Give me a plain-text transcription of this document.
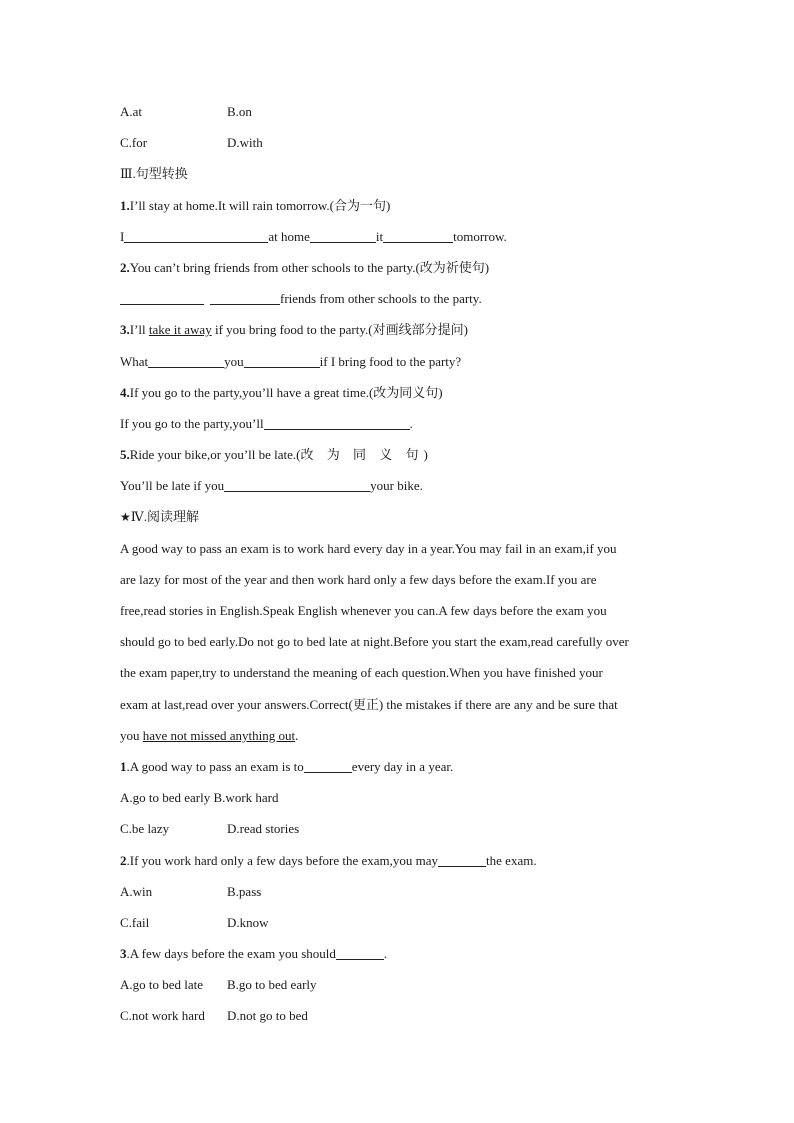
A.at	B.on
C.for	D.with
Ⅲ.句型转换
1.I’ll stay at home.It will rain tomorrow.(合为一句)
I	at home	it	tomorrow.
2.You can’t bring friends from other schools to the party.(改为祈使句)
friends from other schools to the party.
3.I’ll take it away if you bring food to the party.(对画线部分提问)
What	you	if I bring food to the party?
4.If you go to the party,you’ll have a great time.(改为同义句)
If you go to the party,you’ll	.
5.Ride your bike,or you’ll be late.(改 为 同 义 句)
You’ll be late if you	your bike.
★Ⅳ.阅读理解
A good way to pass an exam is to work hard every day in a year.You may fail in an exam,if you
are lazy for most of the year and then work hard only a few days before the exam.If you are
free,read stories in English.Speak English whenever you can.A few days before the exam you
should go to bed early.Do not go to bed late at night.Before you start the exam,read carefully over
the exam paper,try to understand the meaning of each question.When you have finished your
exam at last,read over your answers.Correct(更正) the mistakes if there are any and be sure that
you have not missed anything out.
1.A good way to pass an exam is to	every day in a year.
A.go to bed early B.work hard
C.be lazy	D.read stories
2.If you work hard only a few days before the exam,you may	the exam.
A.win	B.pass
C.fail	D.know
3.A few days before the exam you should	.
A.go to bed late B.go to bed early
C.not work hard D.not go to bed
